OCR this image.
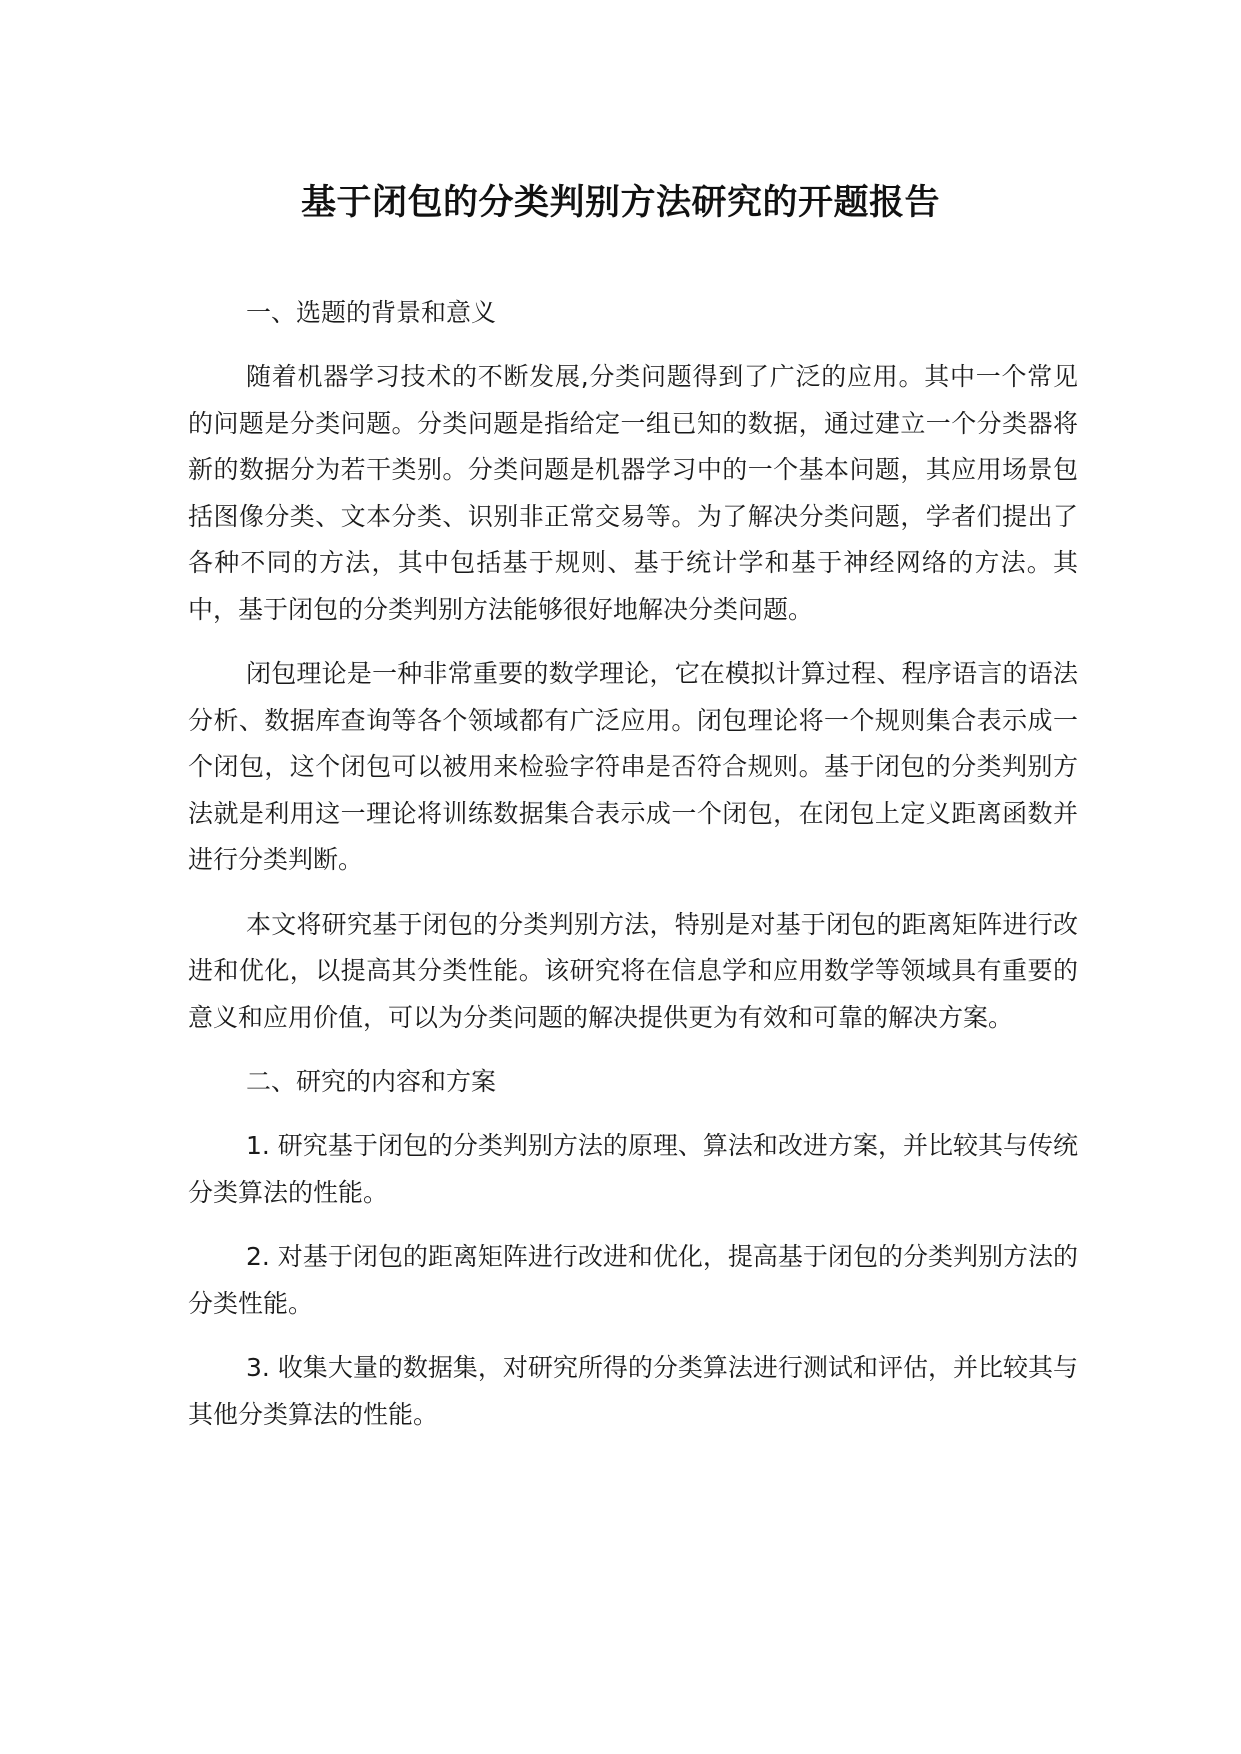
基于闭包的分类判别方法研究的开题报告
一、选题的背景和意义

随着机器学习技术的不断发展,分类问题得到了广泛的应用。其中一个常见的问题是分类问题。分类问题是指给定一组已知的数据，通过建立一个分类器将新的数据分为若干类别。分类问题是机器学习中的一个基本问题，其应用场景包括图像分类、文本分类、识别非正常交易等。为了解决分类问题，学者们提出了各种不同的方法，其中包括基于规则、基于统计学和基于神经网络的方法。其中，基于闭包的分类判别方法能够很好地解决分类问题。

闭包理论是一种非常重要的数学理论，它在模拟计算过程、程序语言的语法分析、数据库查询等各个领域都有广泛应用。闭包理论将一个规则集合表示成一个闭包，这个闭包可以被用来检验字符串是否符合规则。基于闭包的分类判别方法就是利用这一理论将训练数据集合表示成一个闭包，在闭包上定义距离函数并进行分类判断。

本文将研究基于闭包的分类判别方法，特别是对基于闭包的距离矩阵进行改进和优化，以提高其分类性能。该研究将在信息学和应用数学等领域具有重要的意义和应用价值，可以为分类问题的解决提供更为有效和可靠的解决方案。

二、研究的内容和方案

1. 研究基于闭包的分类判别方法的原理、算法和改进方案，并比较其与传统分类算法的性能。

2. 对基于闭包的距离矩阵进行改进和优化，提高基于闭包的分类判别方法的分类性能。

3. 收集大量的数据集，对研究所得的分类算法进行测试和评估，并比较其与其他分类算法的性能。
